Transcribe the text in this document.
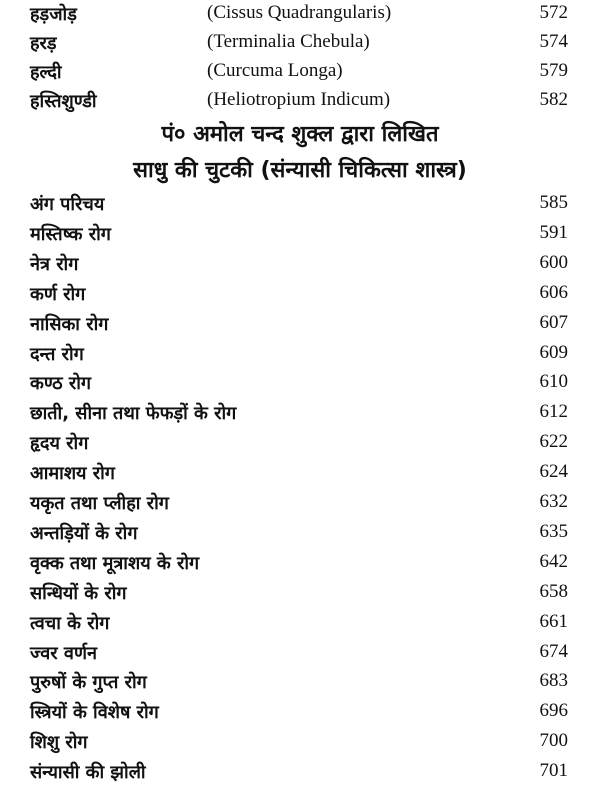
हड़जोड़	(Cissus Quadrangularis)	572
हरड़	(Terminalia Chebula)	574
हल्दी	(Curcuma Longa)	579
हस्तिशुण्डी	(Heliotropium Indicum)	582
पं० अमोल चन्द शुक्ल द्वारा लिखित
साधु की चुटकी (संन्यासी चिकित्सा शास्त्र)
अंग परिचय	585
मस्तिष्क रोग	591
नेत्र रोग	600
कर्ण रोग	606
नासिका रोग	607
दन्त रोग	609
कण्ठ रोग	610
छाती, सीना तथा फेफड़ों के रोग	612
हृदय रोग	622
आमाशय रोग	624
यकृत तथा प्लीहा रोग	632
अन्तड़ियों के रोग	635
वृक्क तथा मूत्राशय के रोग	642
सन्धियों के रोग	658
त्वचा के रोग	661
ज्वर वर्णन	674
पुरुषों के गुप्त रोग	683
स्त्रियों के विशेष रोग	696
शिशु रोग	700
संन्यासी की झोली	701
